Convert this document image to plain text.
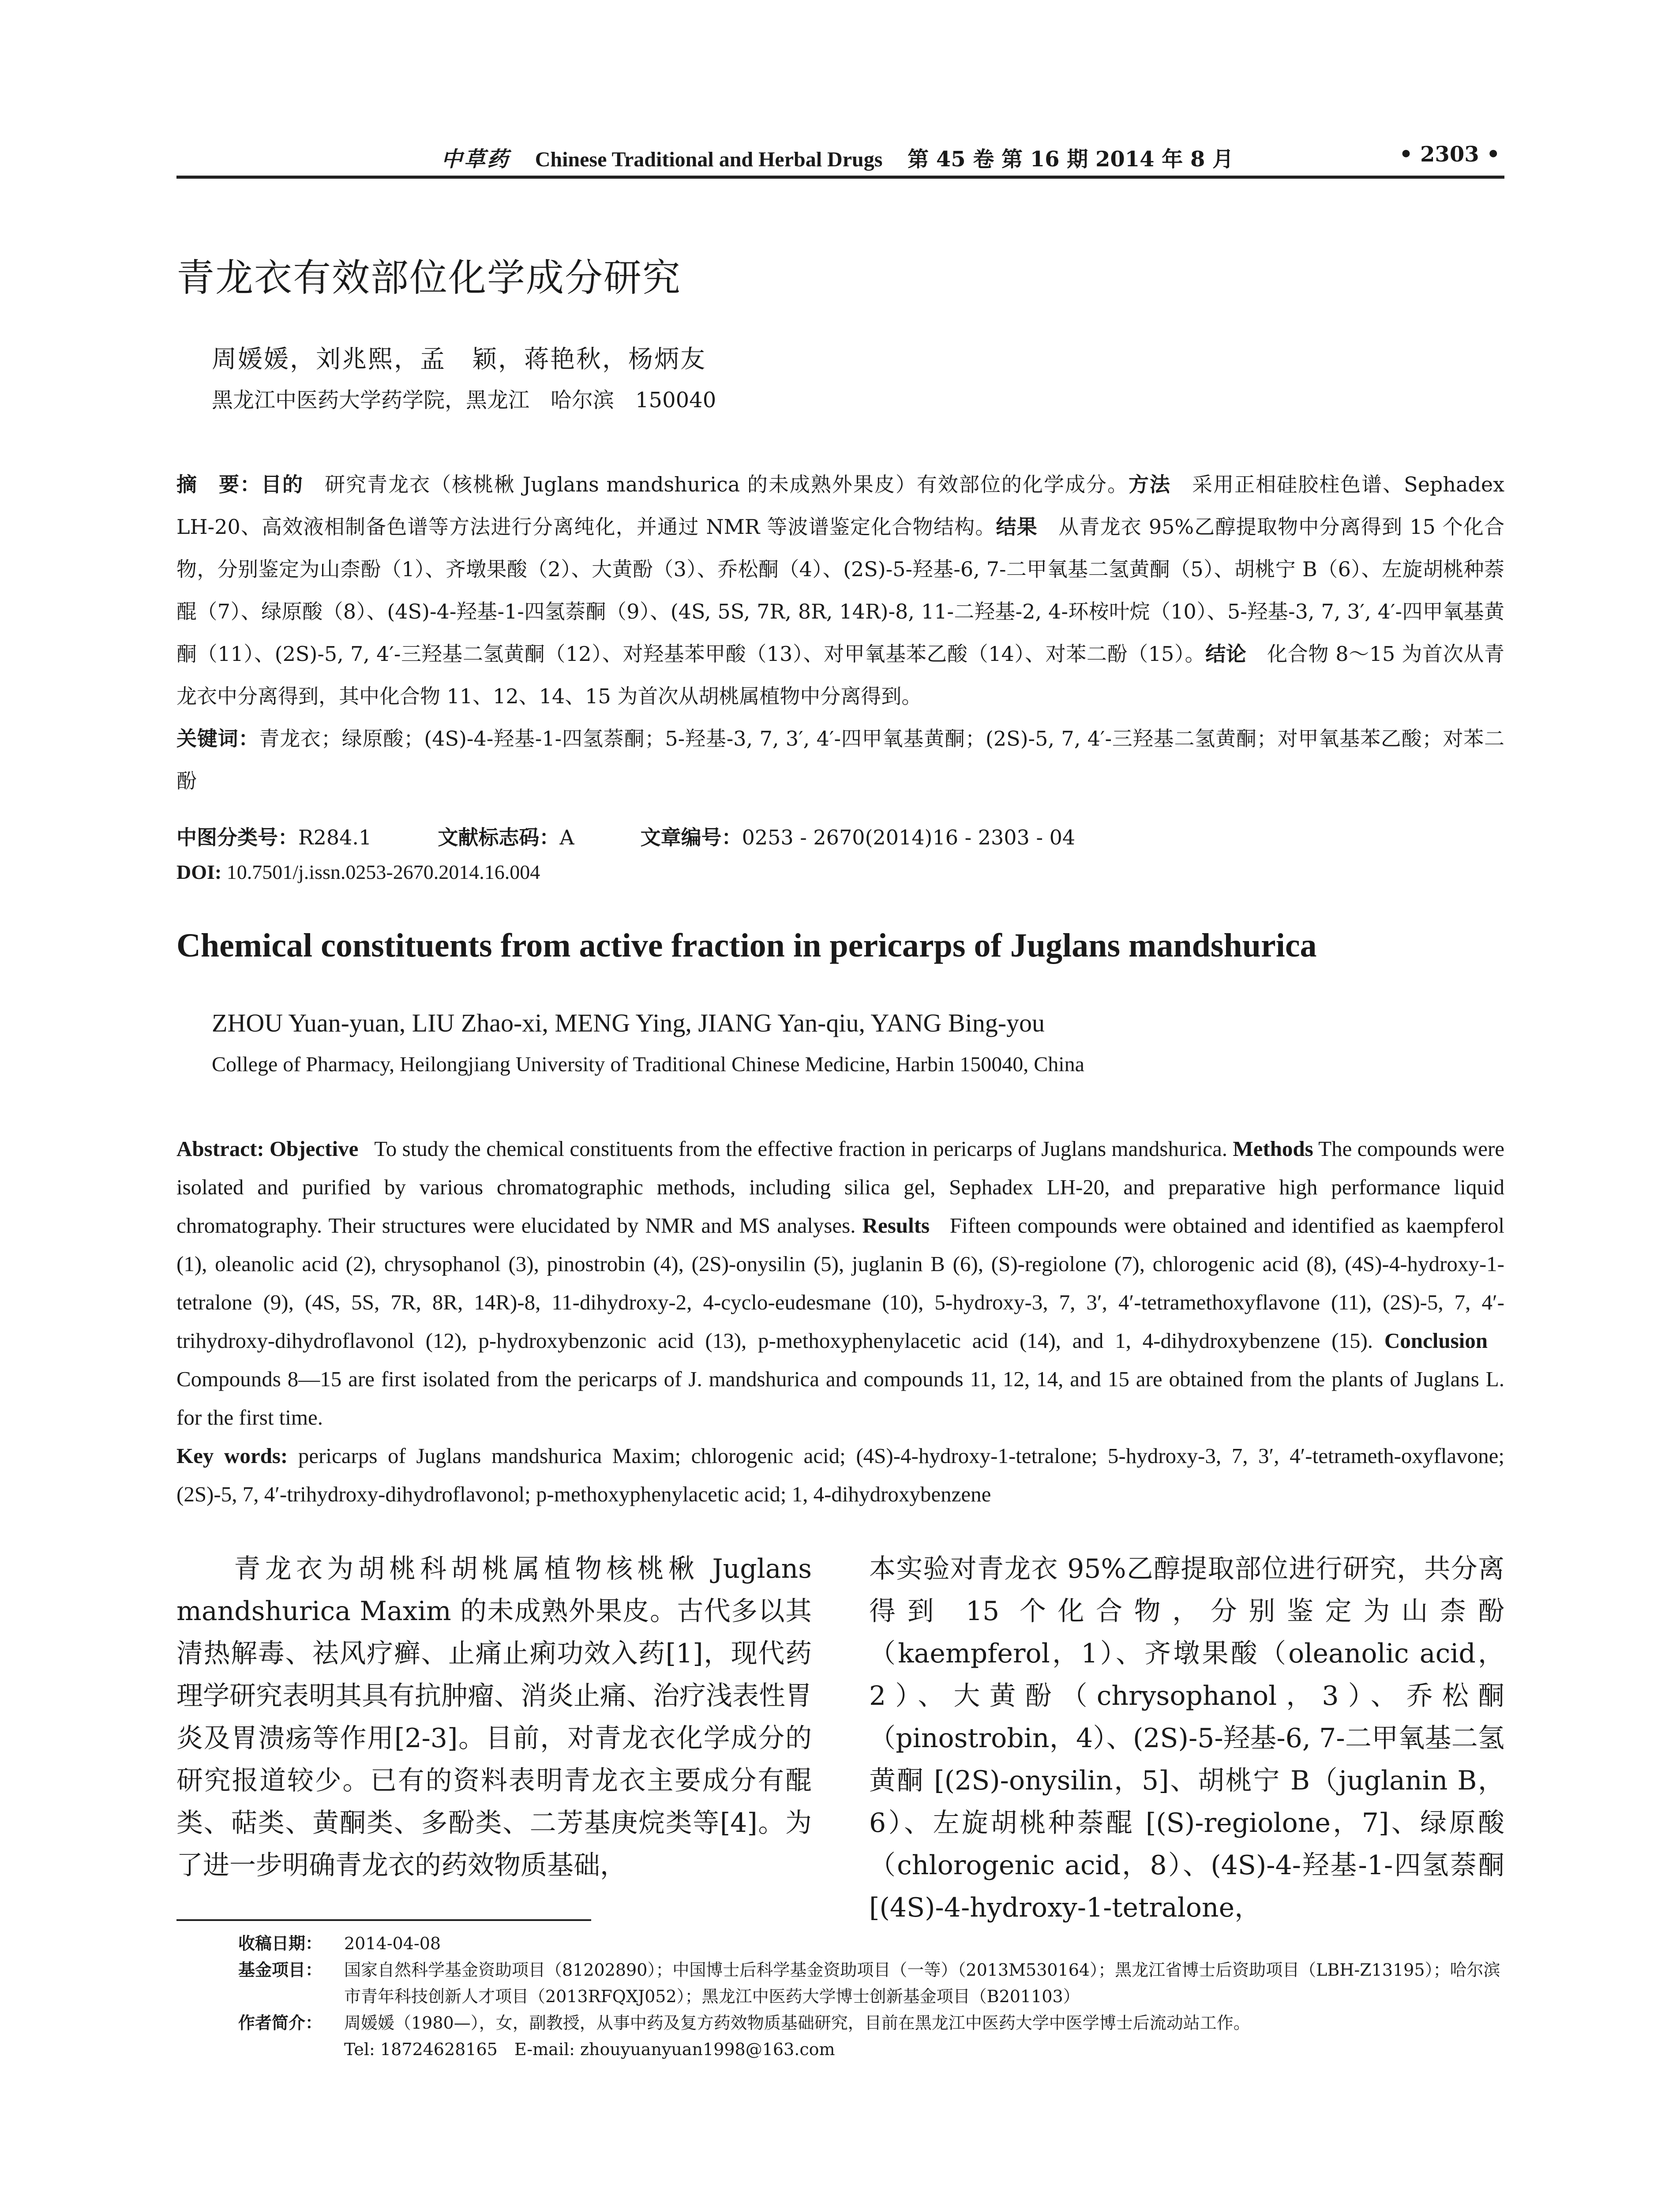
中草药 Chinese Traditional and Herbal Drugs 第 45 卷 第 16 期 2014 年 8 月	• 2303 •
青龙衣有效部位化学成分研究
周媛媛，刘兆熙，孟　颖，蒋艳秋，杨炳友
黑龙江中医药大学药学院，黑龙江　哈尔滨　150040
摘　要：目的　 研究青龙衣（核桃楸 Juglans mandshurica 的未成熟外果皮）有效部位的化学成分。方法　 采用正相硅胶柱色谱、Sephadex LH-20、高效液相制备色谱等方法进行分离纯化，并通过 NMR 等波谱鉴定化合物结构。结果　 从青龙衣 95%乙醇提取物中分离得到 15 个化合物，分别鉴定为山柰酚（1）、齐墩果酸（2）、大黄酚（3）、乔松酮（4）、(2S)-5-羟基-6, 7-二甲氧基二氢黄酮（5）、胡桃宁 B（6）、左旋胡桃种萘醌（7）、绿原酸（8）、(4S)-4-羟基-1-四氢萘酮（9）、(4S, 5S, 7R, 8R, 14R)-8, 11-二羟基-2, 4-环桉叶烷（10）、5-羟基-3, 7, 3′, 4′-四甲氧基黄酮（11）、(2S)-5, 7, 4′-三羟基二氢黄酮（12）、对羟基苯甲酸（13）、对甲氧基苯乙酸（14）、对苯二酚（15）。结论　 化合物 8～15 为首次从青龙衣中分离得到，其中化合物 11、12、14、15 为首次从胡桃属植物中分离得到。
关键词：青龙衣；绿原酸；(4S)-4-羟基-1-四氢萘酮；5-羟基-3, 7, 3′, 4′-四甲氧基黄酮；(2S)-5, 7, 4′-三羟基二氢黄酮；对甲氧基苯乙酸；对苯二酚
中图分类号：R284.1	文献标志码：A	文章编号：0253 - 2670(2014)16 - 2303 - 04
DOI: 10.7501/j.issn.0253-2670.2014.16.004
Chemical constituents from active fraction in pericarps of Juglans mandshurica
ZHOU Yuan-yuan, LIU Zhao-xi, MENG Ying, JIANG Yan-qiu, YANG Bing-you
College of Pharmacy, Heilongjiang University of Traditional Chinese Medicine, Harbin 150040, China
Abstract: Objective To study the chemical constituents from the effective fraction in pericarps of Juglans mandshurica. Methods The compounds were isolated and purified by various chromatographic methods, including silica gel, Sephadex LH-20, and preparative high performance liquid chromatography. Their structures were elucidated by NMR and MS analyses. Results Fifteen compounds were obtained and identified as kaempferol (1), oleanolic acid (2), chrysophanol (3), pinostrobin (4), (2S)-onysilin (5), juglanin B (6), (S)-regiolone (7), chlorogenic acid (8), (4S)-4-hydroxy-1-tetralone (9), (4S, 5S, 7R, 8R, 14R)-8, 11-dihydroxy-2, 4-cyclo-eudesmane (10), 5-hydroxy-3, 7, 3′, 4′-tetramethoxyflavone (11), (2S)-5, 7, 4′-trihydroxy-dihydroflavonol (12), p-hydroxybenzonic acid (13), p-methoxyphenylacetic acid (14), and 1, 4-dihydroxybenzene (15). Conclusion   Compounds 8—15 are first isolated from the pericarps of J. mandshurica and compounds 11, 12, 14, and 15 are obtained from the plants of Juglans L. for the first time.
Key words: pericarps of Juglans mandshurica Maxim; chlorogenic acid; (4S)-4-hydroxy-1-tetralone; 5-hydroxy-3, 7, 3′, 4′-tetrameth-oxyflavone; (2S)-5, 7, 4′-trihydroxy-dihydroflavonol; p-methoxyphenylacetic acid; 1, 4-dihydroxybenzene
青龙衣为胡桃科胡桃属植物核桃楸 Juglans mandshurica Maxim 的未成熟外果皮。古代多以其清热解毒、祛风疗癣、止痛止痢功效入药[1]，现代药理学研究表明其具有抗肿瘤、消炎止痛、治疗浅表性胃炎及胃溃疡等作用[2-3]。目前，对青龙衣化学成分的研究报道较少。已有的资料表明青龙衣主要成分有醌类、萜类、黄酮类、多酚类、二芳基庚烷类等[4]。为了进一步明确青龙衣的药效物质基础，
本实验对青龙衣 95%乙醇提取部位进行研究，共分离得到 15 个化合物，分别鉴定为山柰酚（kaempferol，1）、齐墩果酸（oleanolic acid，2）、大黄酚（chrysophanol，3）、乔松酮（pinostrobin，4）、(2S)-5-羟基-6, 7-二甲氧基二氢黄酮 [(2S)-onysilin，5]、胡桃宁 B（juglanin B，6）、左旋胡桃种萘醌 [(S)-regiolone，7]、绿原酸（chlorogenic acid，8）、(4S)-4-羟基-1-四氢萘酮 [(4S)-4-hydroxy-1-tetralone，
收稿日期：	2014-04-08
基金项目：	国家自然科学基金资助项目（81202890）；中国博士后科学基金资助项目（一等）（2013M530164）；黑龙江省博士后资助项目（LBH-Z13195）；哈尔滨市青年科技创新人才项目（2013RFQXJ052）；黑龙江中医药大学博士创新基金项目（B201103）
作者简介：	周媛媛（1980—），女，副教授，从事中药及复方药效物质基础研究，目前在黑龙江中医药大学中医学博士后流动站工作。
Tel: 18724628165　E-mail: zhouyuanyuan1998@163.com
